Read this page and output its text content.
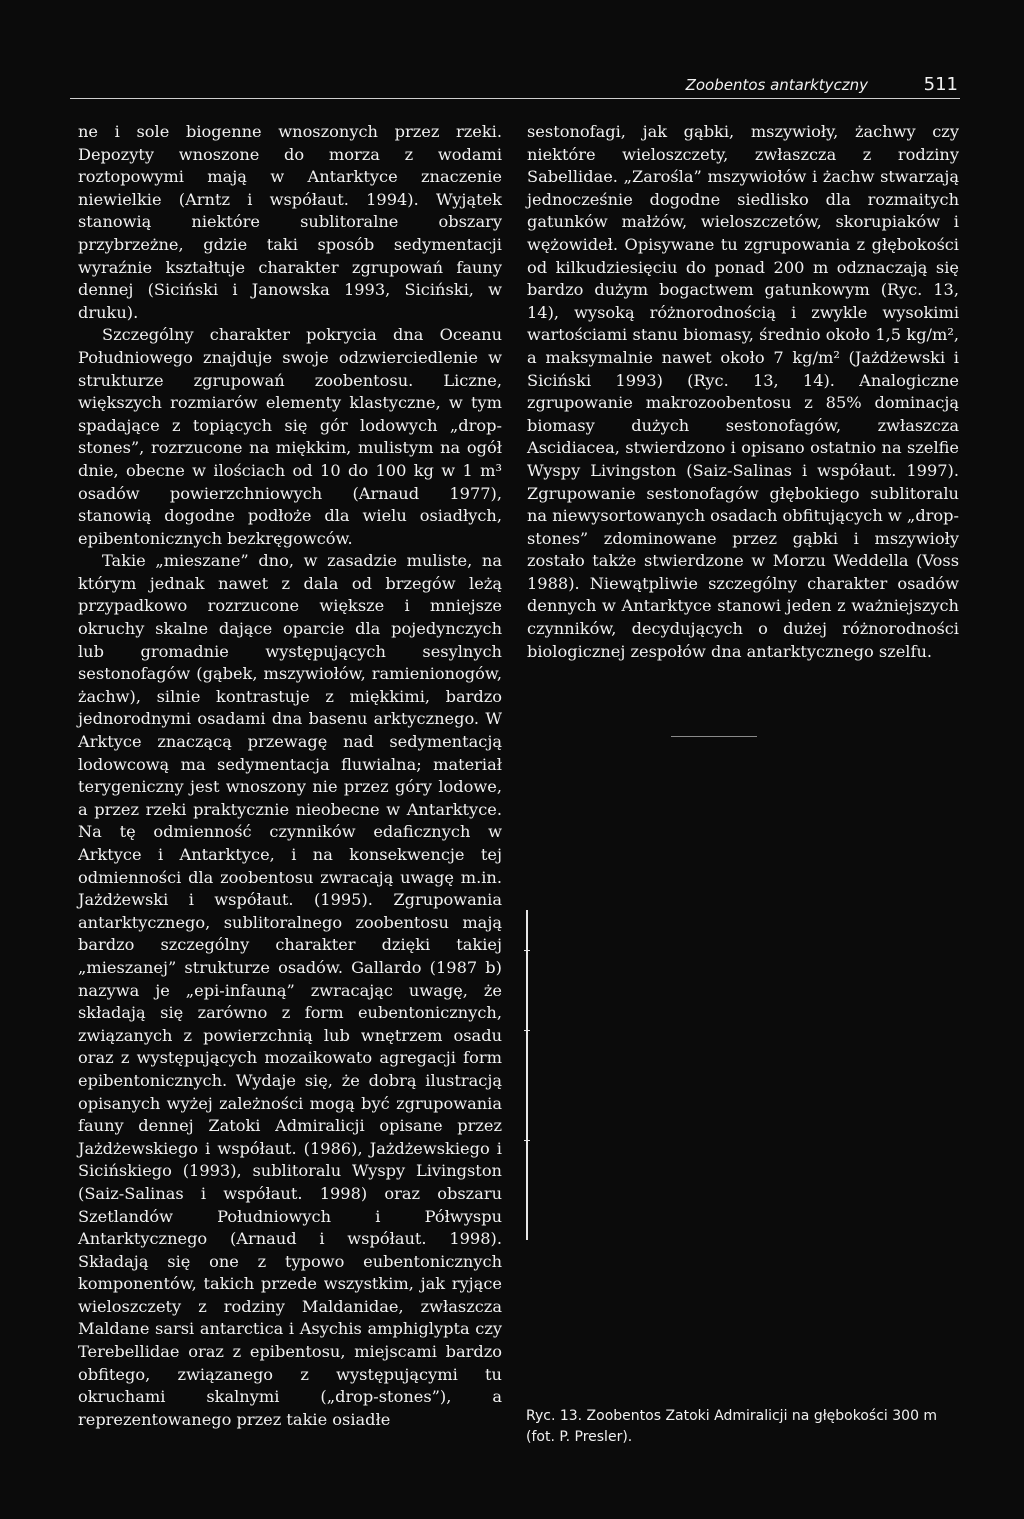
Zoobentos antarktyczny	511

ne i sole biogenne wnoszonych przez rzeki. Depozyty wnoszone do morza z wodami roztopowymi mają w Antarktyce znaczenie niewielkie (Arntz i współaut. 1994). Wyjątek stanowią niektóre sublitoralne obszary przybrzeżne, gdzie taki sposób sedymentacji wyraźnie kształtuje charakter zgrupowań fauny dennej (Siciński i Janowska 1993, Siciński, w druku).

Szczególny charakter pokrycia dna Oceanu Południowego znajduje swoje odzwierciedlenie w strukturze zgrupowań zoobentosu. Liczne, większych rozmiarów elementy klastyczne, w tym spadające z topiących się gór lodowych „drop-stones”, rozrzucone na miękkim, mulistym na ogół dnie, obecne w ilościach od 10 do 100 kg w 1 m³ osadów powierzchniowych (Arnaud 1977), stanowią dogodne podłoże dla wielu osiadłych, epibentonicznych bezkręgowców.

Takie „mieszane” dno, w zasadzie muliste, na którym jednak nawet z dala od brzegów leżą przypadkowo rozrzucone większe i mniejsze okruchy skalne dające oparcie dla pojedynczych lub gromadnie występujących sesylnych sestonofagów (gąbek, mszywiołów, ramienionogów, żachw), silnie kontrastuje z miękkimi, bardzo jednorodnymi osadami dna basenu arktycznego. W Arktyce znaczącą przewagę nad sedymentacją lodowcową ma sedymentacja fluwialna; materiał terygeniczny jest wnoszony nie przez góry lodowe, a przez rzeki praktycznie nieobecne w Antarktyce. Na tę odmienność czynników edaficznych w Arktyce i Antarktyce, i na konsekwencje tej odmienności dla zoobentosu zwracają uwagę m.in. Jażdżewski i współaut. (1995). Zgrupowania antarktycznego, sublitoralnego zoobentosu mają bardzo szczególny charakter dzięki takiej „mieszanej” strukturze osadów. Gallardo (1987 b) nazywa je „epi-infauną” zwracając uwagę, że składają się zarówno z form eubentonicznych, związanych z powierzchnią lub wnętrzem osadu oraz z występujących mozaikowato agregacji form epibentonicznych. Wydaje się, że dobrą ilustracją opisanych wyżej zależności mogą być zgrupowania fauny dennej Zatoki Admiralicji opisane przez Jażdżewskiego i współaut. (1986), Jażdżewskiego i Sicińskiego (1993), sublitoralu Wyspy Livingston (Saiz-Salinas i współaut. 1998) oraz obszaru Szetlandów Południowych i Półwyspu Antarktycznego (Arnaud i współaut. 1998). Składają się one z typowo eubentonicznych komponentów, takich przede wszystkim, jak ryjące wieloszczety z rodziny Maldanidae, zwłaszcza Maldane sarsi antarctica i Asychis amphiglypta czy Terebellidae oraz z epibentosu, miejscami bardzo obfitego, związanego z występującymi tu okruchami skalnymi („drop-stones”), a reprezentowanego przez takie osiadłe

sestonofagi, jak gąbki, mszywioły, żachwy czy niektóre wieloszczety, zwłaszcza z rodziny Sabellidae. „Zarośla” mszywiołów i żachw stwarzają jednocześnie dogodne siedlisko dla rozmaitych gatunków małżów, wieloszczetów, skorupiaków i wężowideł. Opisywane tu zgrupowania z głębokości od kilkudziesięciu do ponad 200 m odznaczają się bardzo dużym bogactwem gatunkowym (Ryc. 13, 14), wysoką różnorodnością i zwykle wysokimi wartościami stanu biomasy, średnio około 1,5 kg/m², a maksymalnie nawet około 7 kg/m² (Jażdżewski i Siciński 1993) (Ryc. 13, 14). Analogiczne zgrupowanie makrozoobentosu z 85% dominacją biomasy dużych sestonofagów, zwłaszcza Ascidiacea, stwierdzono i opisano ostatnio na szelfie Wyspy Livingston (Saiz-Salinas i współaut. 1997). Zgrupowanie sestonofagów głębokiego sublitoralu na niewysortowanych osadach obfitujących w „drop-stones” zdominowane przez gąbki i mszywioły zostało także stwierdzone w Morzu Weddella (Voss 1988). Niewątpliwie szczególny charakter osadów dennych w Antarktyce stanowi jeden z ważniejszych czynników, decydujących o dużej różnorodności biologicznej zespołów dna antarktycznego szelfu.

Ryc. 13. Zoobentos Zatoki Admiralicji na głębokości 300 m (fot. P. Presler).
